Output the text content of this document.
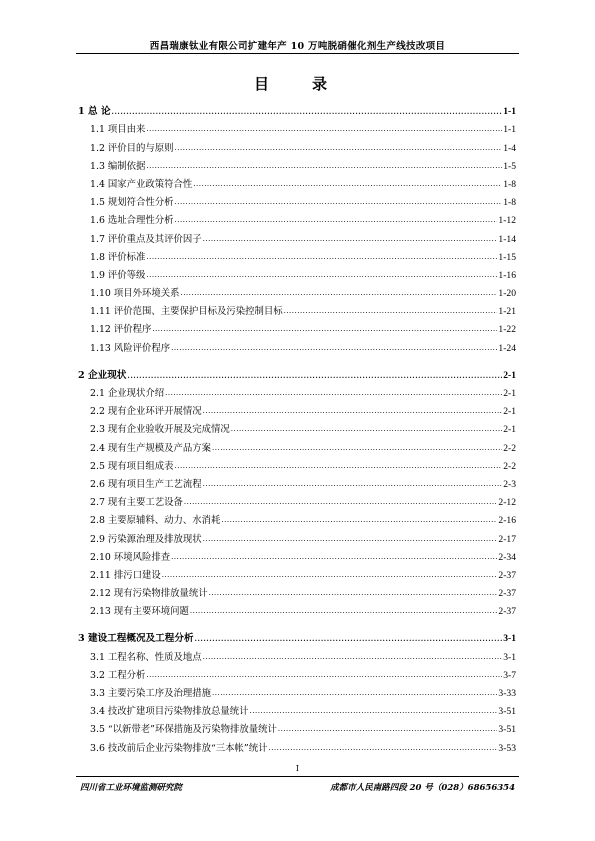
西昌瑞康钛业有限公司扩建年产 10 万吨脱硝催化剂生产线技改项目
目　录
1 总 论 .....	1-1
1.1 项目由来 .....	1-1
1.2 评价目的与原则 .....	1-4
1.3 编制依据 .....	1-5
1.4 国家产业政策符合性 .....	1-8
1.5 规划符合性分析 .....	1-8
1.6 选址合理性分析 .....	1-12
1.7 评价重点及其评价因子 .....	1-14
1.8 评价标准 .....	1-15
1.9 评价等级 .....	1-16
1.10 项目外环境关系 .....	1-20
1.11 评价范围、主要保护目标及污染控制目标 .....	1-21
1.12 评价程序 .....	1-22
1.13 风险评价程序 .....	1-24
2 企业现状 .....	2-1
2.1 企业现状介绍 .....	2-1
2.2 现有企业环评开展情况 .....	2-1
2.3 现有企业验收开展及完成情况 .....	2-1
2.4 现有生产规模及产品方案 .....	2-2
2.5 现有项目组成表 .....	2-2
2.6 现有项目生产工艺流程 .....	2-3
2.7 现有主要工艺设备 .....	2-12
2.8 主要原辅料、动力、水消耗 .....	2-16
2.9 污染源治理及排放现状 .....	2-17
2.10 环境风险排查 .....	2-34
2.11 排污口建设 .....	2-37
2.12 现有污染物排放量统计 .....	2-37
2.13 现有主要环境问题 .....	2-37
3 建设工程概况及工程分析 .....	3-1
3.1 工程名称、性质及地点 .....	3-1
3.2 工程分析 .....	3-7
3.3 主要污染工序及治理措施 .....	3-33
3.4 技改扩建项目污染物排放总量统计 .....	3-51
3.5 “以新带老”环保措施及污染物排放量统计 .....	3-51
3.6 技改前后企业污染物排放“三本帐”统计 .....	3-53
I
四川省工业环境监测研究院	成都市人民南路四段 20 号（028）68656354
